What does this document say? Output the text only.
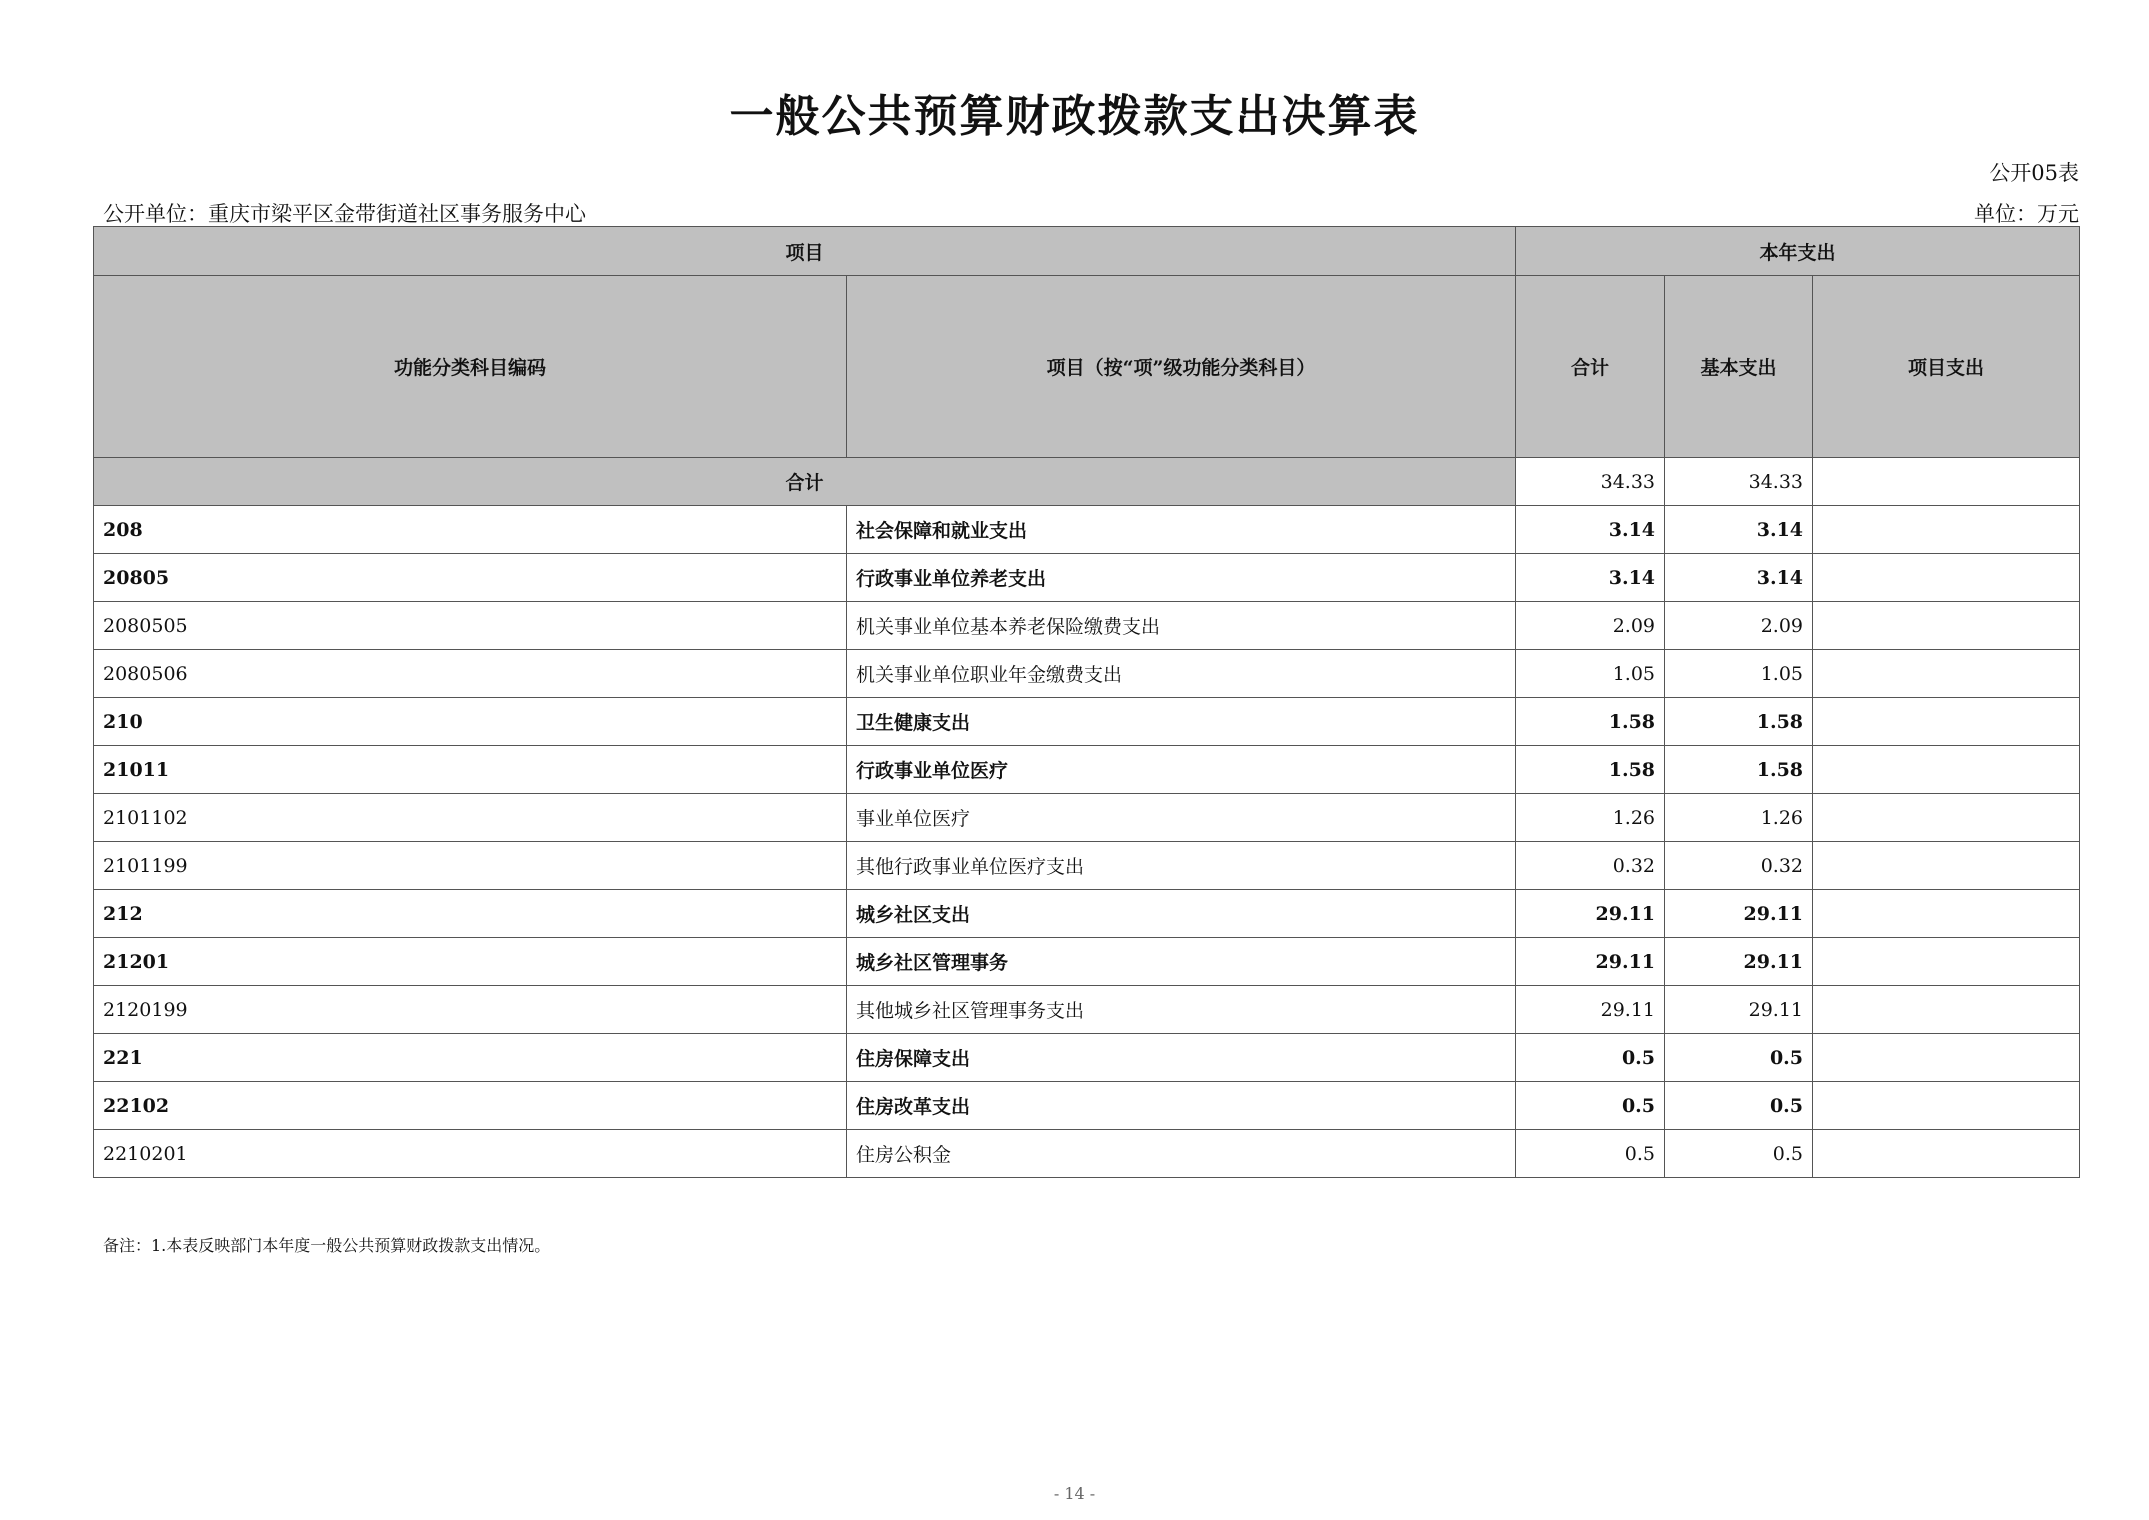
一般公共预算财政拨款支出决算表
公开05表
公开单位：重庆市梁平区金带街道社区事务服务中心	单位：万元
项目		本年支出		
功能分类科目编码	项目（按“项”级功能分类科目）	合计	基本支出	项目支出
合计		34.33	34.33	
208	社会保障和就业支出	3.14	3.14	
20805	行政事业单位养老支出	3.14	3.14	
2080505	机关事业单位基本养老保险缴费支出	2.09	2.09	
2080506	机关事业单位职业年金缴费支出	1.05	1.05	
210	卫生健康支出	1.58	1.58	
21011	行政事业单位医疗	1.58	1.58	
2101102	事业单位医疗	1.26	1.26	
2101199	其他行政事业单位医疗支出	0.32	0.32	
212	城乡社区支出	29.11	29.11	
21201	城乡社区管理事务	29.11	29.11	
2120199	其他城乡社区管理事务支出	29.11	29.11	
221	住房保障支出	0.5	0.5	
22102	住房改革支出	0.5	0.5	
2210201	住房公积金	0.5	0.5	
备注：1.本表反映部门本年度一般公共预算财政拨款支出情况。
- 14 -
